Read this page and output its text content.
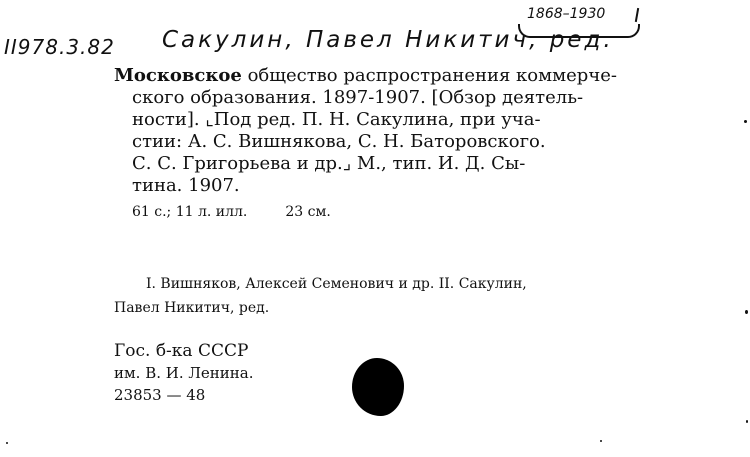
II978.3.82 Сакулин, Павел Никитич, ред.
1868–1930
Московское общество распространения коммерче-
ского образования. 1897-1907. [Обзор деятель-
ности]. ⌞Под ред. П. Н. Сакулина, при уча-
стии: А. С. Вишнякова, С. Н. Баторовского.
С. С. Григорьева и др.⌟ М., тип. И. Д. Сы-
тина. 1907.
61 с.; 11 л. илл.	23 см.
I. Вишняков, Алексей Семенович и др. II. Сакулин,
Павел Никитич, ред.
Гос. б-ка СССР
им. В. И. Ленина.
23853 — 48
